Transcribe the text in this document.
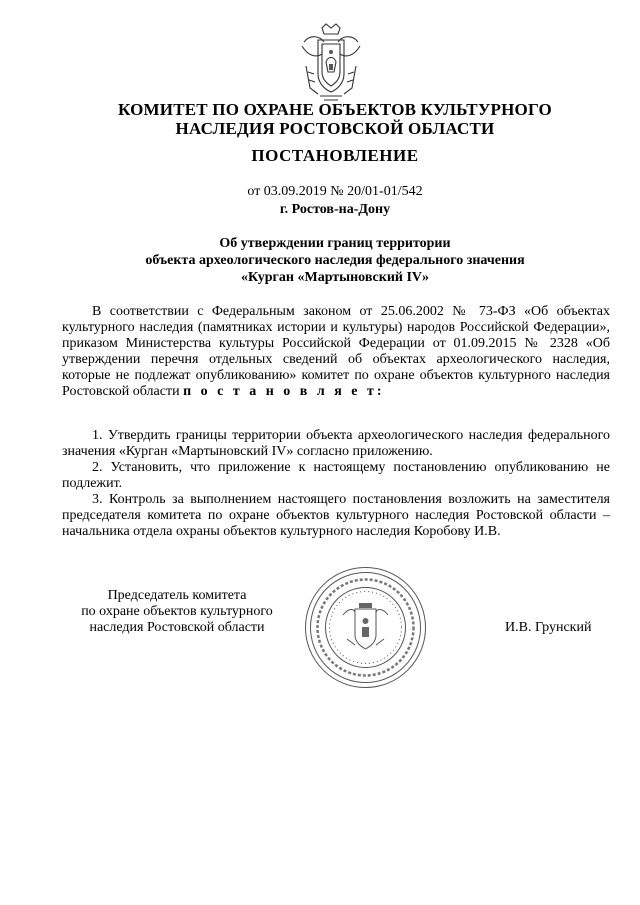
КОМИТЕТ ПО ОХРАНЕ ОБЪЕКТОВ КУЛЬТУРНОГО
НАСЛЕДИЯ РОСТОВСКОЙ ОБЛАСТИ
ПОСТАНОВЛЕНИЕ
от 03.09.2019 № 20/01-01/542
г. Ростов-на-Дону
Об утверждении границ территории
объекта археологического наследия федерального значения
«Курган «Мартыновский IV»

В соответствии с Федеральным законом от 25.06.2002 № 73-ФЗ «Об объектах культурного наследия (памятниках истории и культуры) народов Российской Федерации», приказом Министерства культуры Российской Федерации от 01.09.2015 № 2328 «Об утверждении перечня отдельных сведений об объектах археологического наследия, которые не подлежат опубликованию» комитет по охране объектов культурного наследия Ростовской области п о с т а н о в л я е т:

1. Утвердить границы территории объекта археологического наследия федерального значения «Курган «Мартыновский IV» согласно приложению.

2. Установить, что приложение к настоящему постановлению опубликованию не подлежит.

3. Контроль за выполнением настоящего постановления возложить на заместителя председателя комитета по охране объектов культурного наследия Ростовской области – начальника отдела охраны объектов культурного наследия Коробову И.В.

Председатель комитета
по охране объектов культурного
наследия Ростовской области	И.В. Грунский
